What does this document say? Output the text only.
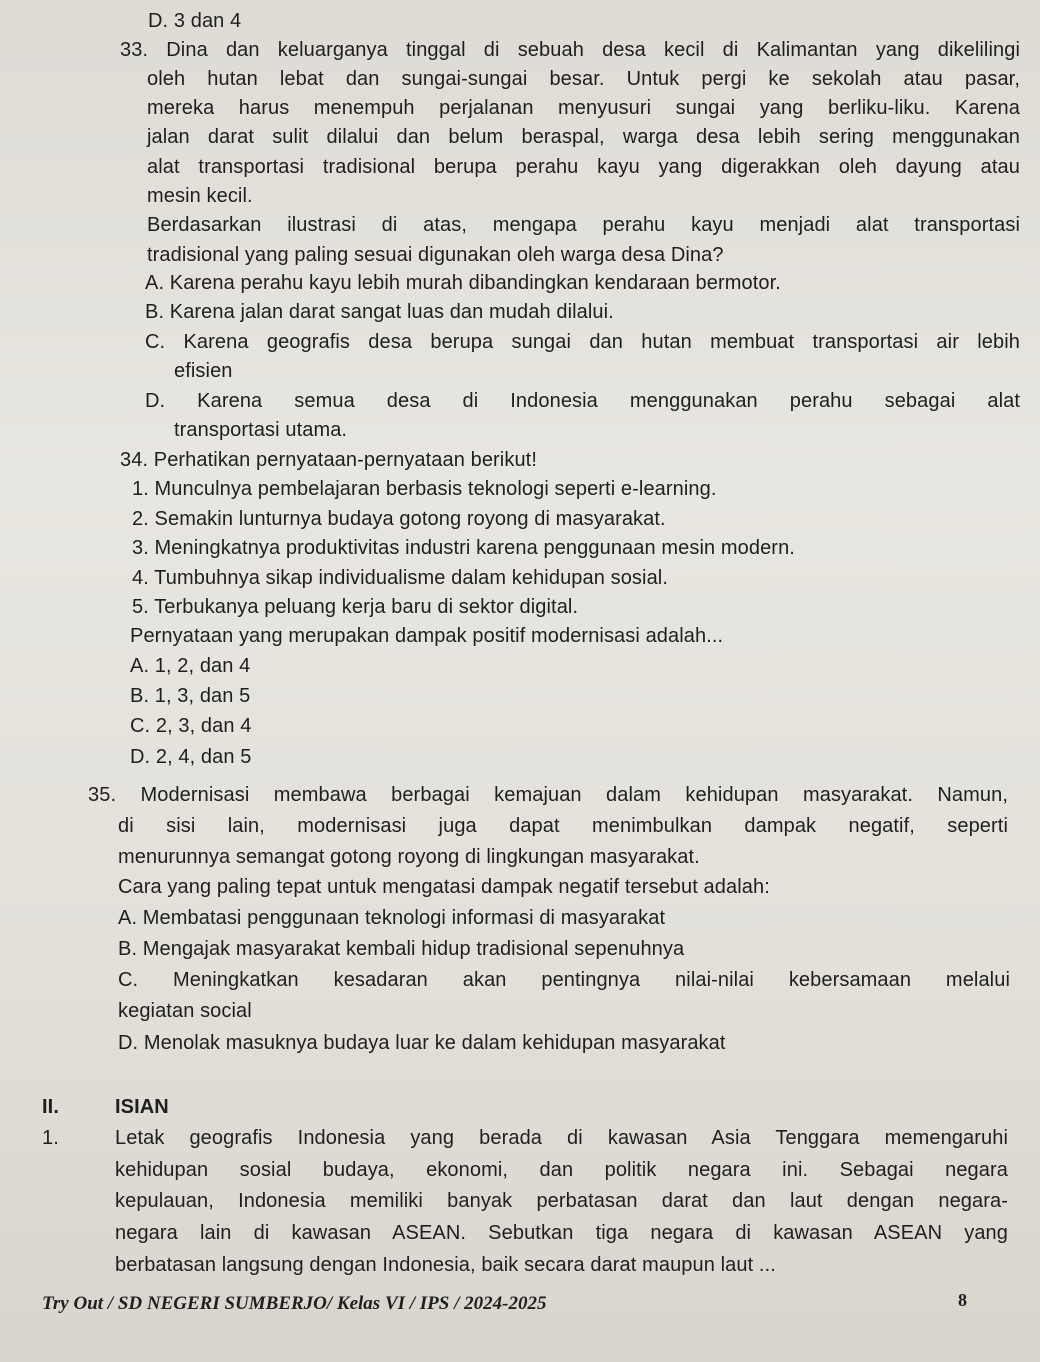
D. 3 dan 4
33. Dina dan keluarganya tinggal di sebuah desa kecil di Kalimantan yang dikelilingi
oleh hutan lebat dan sungai-sungai besar. Untuk pergi ke sekolah atau pasar,
mereka harus menempuh perjalanan menyusuri sungai yang berliku-liku. Karena
jalan darat sulit dilalui dan belum beraspal, warga desa lebih sering menggunakan
alat transportasi tradisional berupa perahu kayu yang digerakkan oleh dayung atau
mesin kecil.
Berdasarkan ilustrasi di atas, mengapa perahu kayu menjadi alat transportasi
tradisional yang paling sesuai digunakan oleh warga desa Dina?
A. Karena perahu kayu lebih murah dibandingkan kendaraan bermotor.
B. Karena jalan darat sangat luas dan mudah dilalui.
C. Karena geografis desa berupa sungai dan hutan membuat transportasi air lebih
efisien
D. Karena semua desa di Indonesia menggunakan perahu sebagai alat
transportasi utama.
34. Perhatikan pernyataan-pernyataan berikut!
1. Munculnya pembelajaran berbasis teknologi seperti e-learning.
2. Semakin lunturnya budaya gotong royong di masyarakat.
3. Meningkatnya produktivitas industri karena penggunaan mesin modern.
4. Tumbuhnya sikap individualisme dalam kehidupan sosial.
5. Terbukanya peluang kerja baru di sektor digital.
Pernyataan yang merupakan dampak positif modernisasi adalah...
A. 1, 2, dan 4
B. 1, 3, dan 5
C. 2, 3, dan 4
D. 2, 4, dan 5
35. Modernisasi membawa berbagai kemajuan dalam kehidupan masyarakat. Namun,
di sisi lain, modernisasi juga dapat menimbulkan dampak negatif, seperti
menurunnya semangat gotong royong di lingkungan masyarakat.
Cara yang paling tepat untuk mengatasi dampak negatif tersebut adalah:
A. Membatasi penggunaan teknologi informasi di masyarakat
B. Mengajak masyarakat kembali hidup tradisional sepenuhnya
C. Meningkatkan kesadaran akan pentingnya nilai-nilai kebersamaan melalui
kegiatan social
D. Menolak masuknya budaya luar ke dalam kehidupan masyarakat
II.	ISIAN
1.	Letak geografis Indonesia yang berada di kawasan Asia Tenggara memengaruhi
kehidupan sosial budaya, ekonomi, dan politik negara ini. Sebagai negara
kepulauan, Indonesia memiliki banyak perbatasan darat dan laut dengan negara-
negara lain di kawasan ASEAN. Sebutkan tiga negara di kawasan ASEAN yang
berbatasan langsung dengan Indonesia, baik secara darat maupun laut ...
Try Out / SD NEGERI SUMBERJO/ Kelas VI / IPS / 2024-2025	8
